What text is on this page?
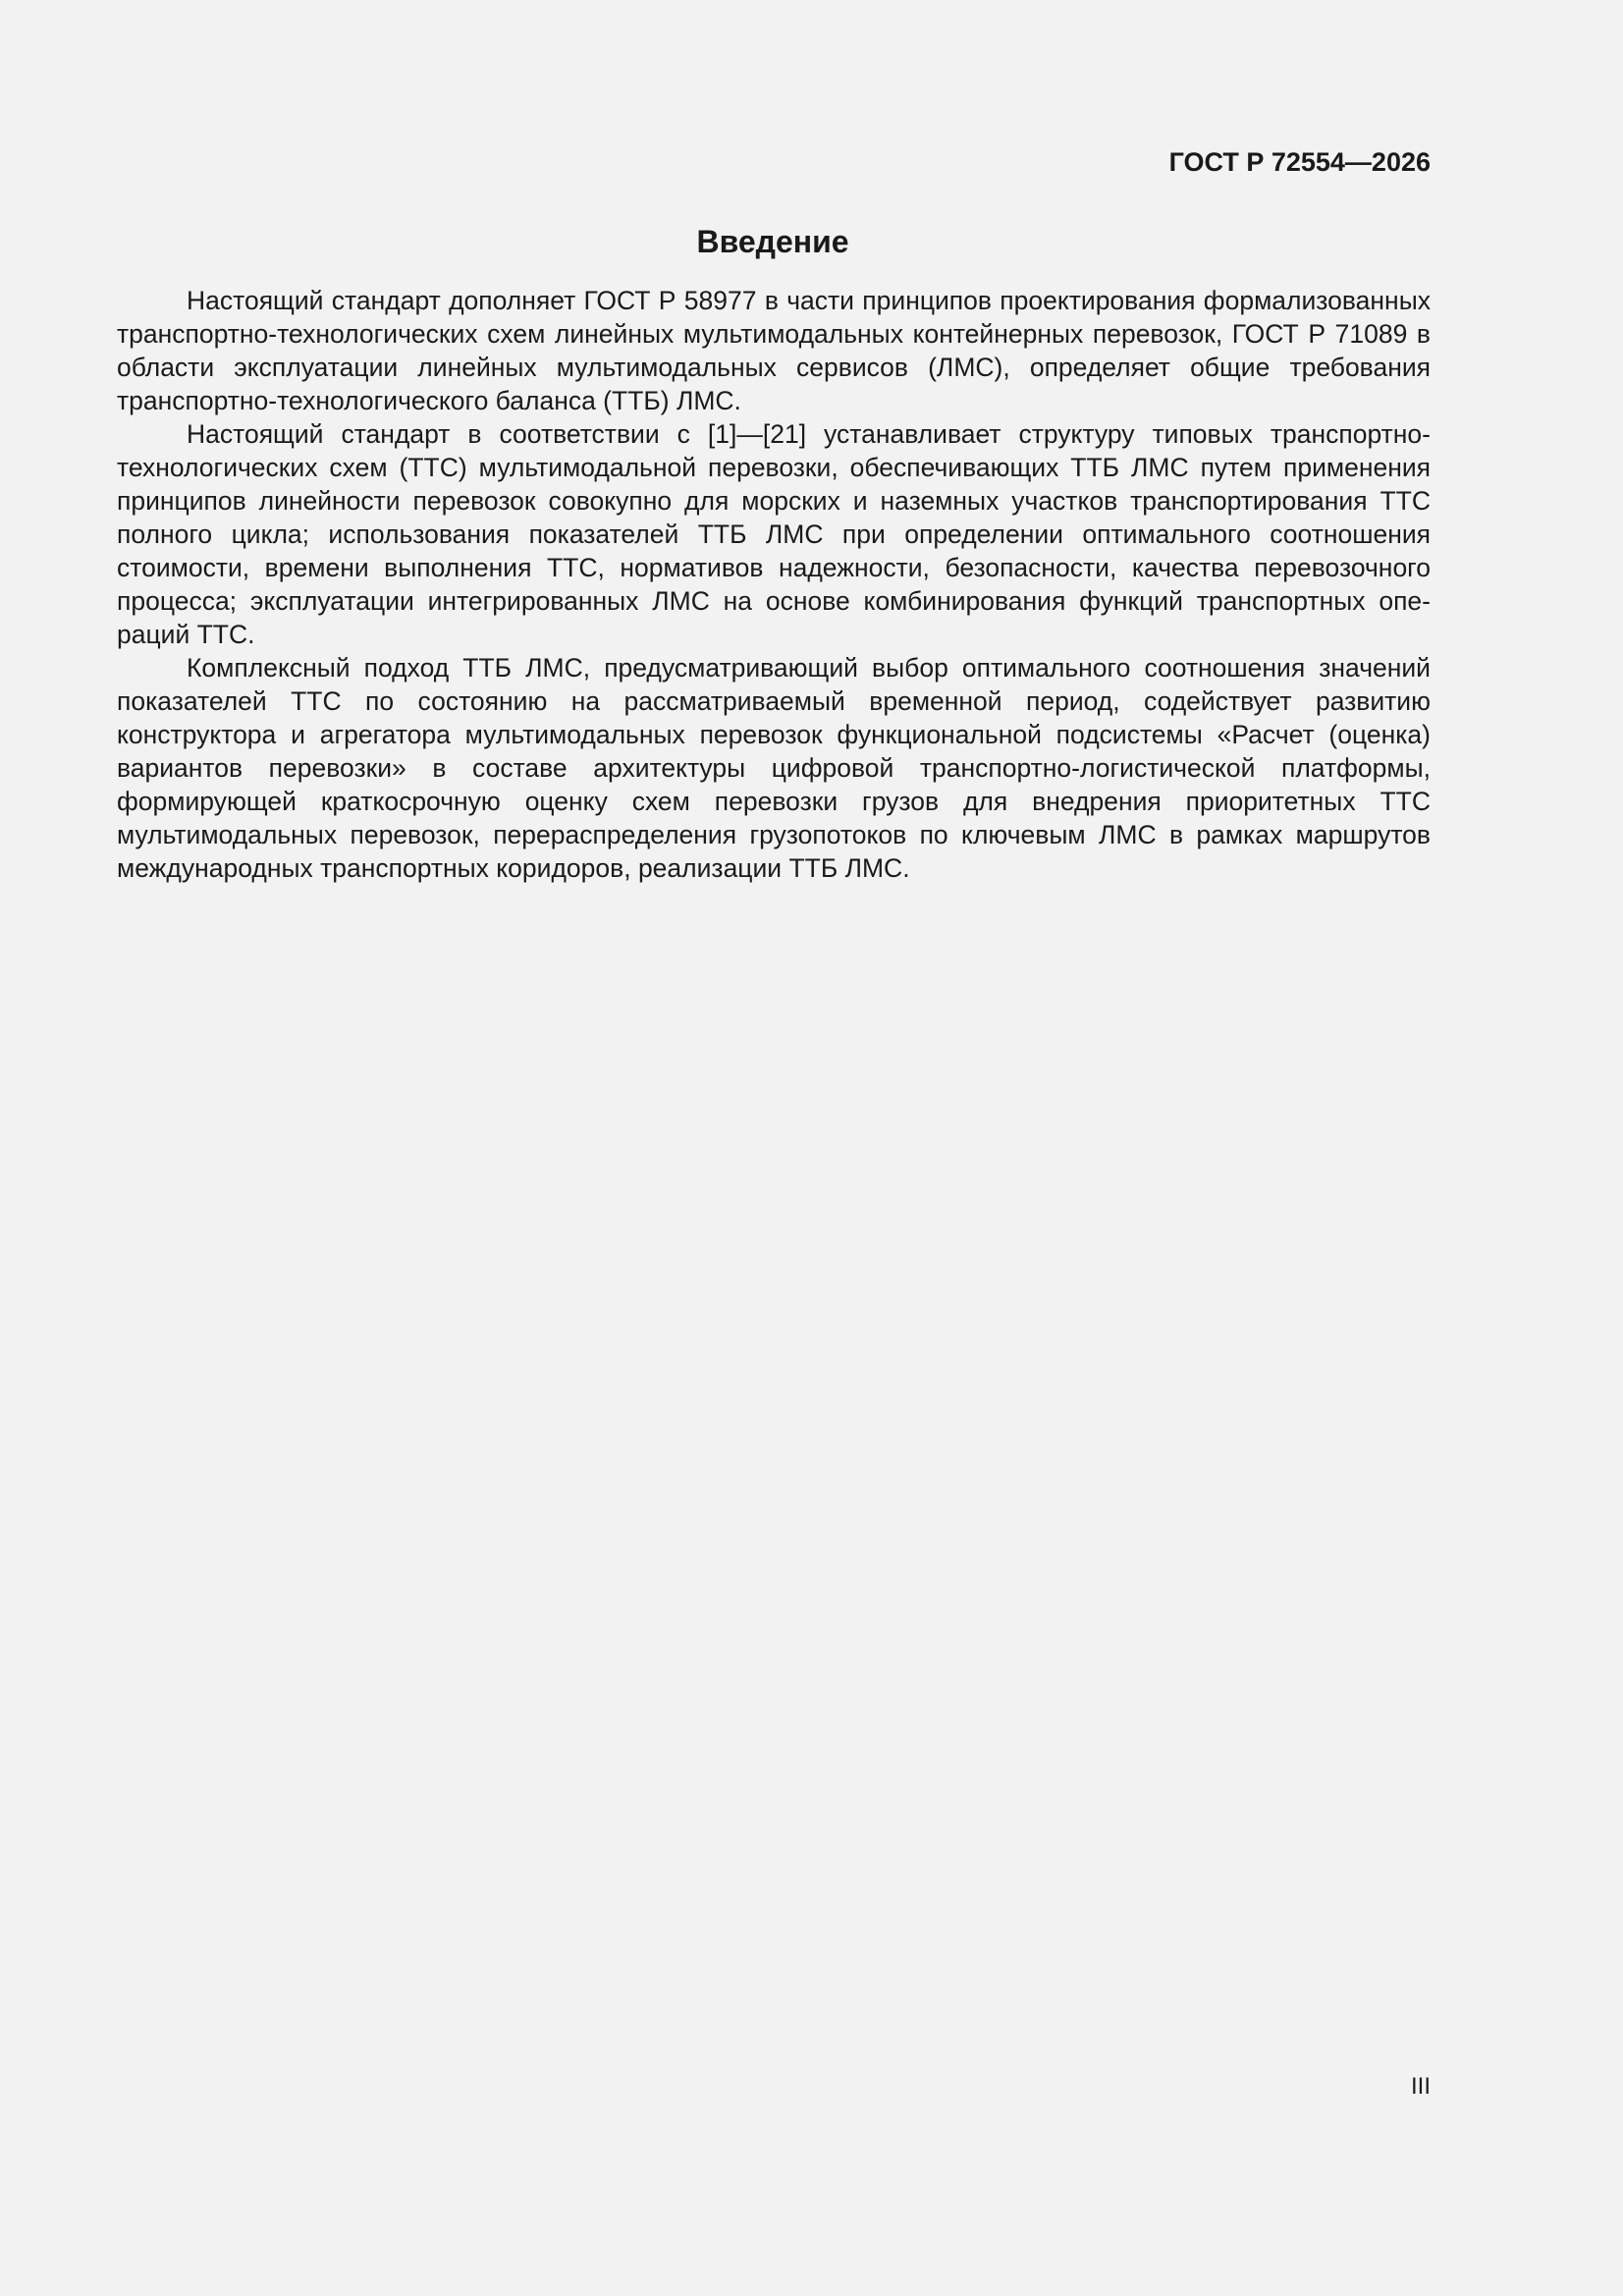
ГОСТ Р 72554—2026
Введение

Настоящий стандарт дополняет ГОСТ Р 58977 в части принципов проектирования формализованных транспортно-технологических схем линейных мультимодальных контейнерных перевозок, ГОСТ Р 71089 в области эксплуатации линейных мультимодальных сервисов (ЛМС), определяет общие требования транспортно-технологического баланса (ТТБ) ЛМС.

Настоящий стандарт в соответствии с [1]—[21] устанавливает структуру типовых транспортно-технологических схем (ТТС) мультимодальной перевозки, обеспечивающих ТТБ ЛМС путем применения принципов линейности перевозок совокупно для морских и наземных участков транспортирования ТТС полного цикла; использования показателей ТТБ ЛМС при определении оптимального соотношения стоимости, времени выполнения ТТС, нормативов надежности, безопасности, качества перевозочного процесса; эксплуатации интегрированных ЛМС на основе комбинирования функций транспортных операций ТТС.

Комплексный подход ТТБ ЛМС, предусматривающий выбор оптимального соотношения значений показателей ТТС по состоянию на рассматриваемый временной период, содействует развитию конструктора и агрегатора мультимодальных перевозок функциональной подсистемы «Расчет (оценка) вариантов перевозки» в составе архитектуры цифровой транспортно-логистической платформы, формирующей краткосрочную оценку схем перевозки грузов для внедрения приоритетных ТТС мультимодальных перевозок, перераспределения грузопотоков по ключевым ЛМС в рамках маршрутов международных транспортных коридоров, реализации ТТБ ЛМС.

III
